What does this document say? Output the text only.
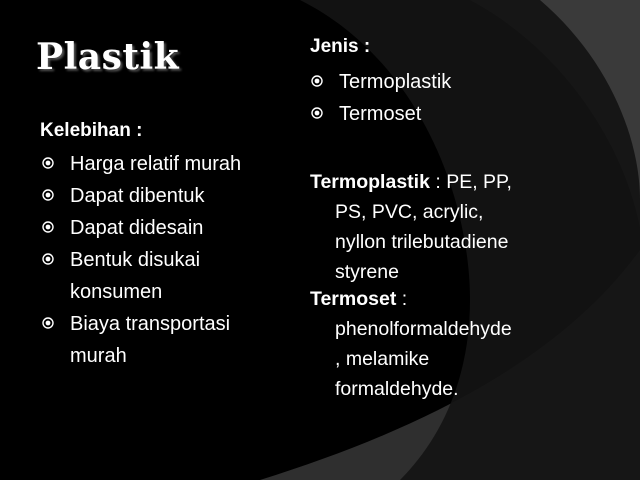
Plastik
Kelebihan :
Harga relatif murah
Dapat dibentuk
Dapat didesain
Bentuk disukai
konsumen
Biaya transportasi
murah
Jenis :
Termoplastik
Termoset
Termoplastik : PE, PP,
PS, PVC, acrylic,
nyllon trilebutadiene
styrene
Termoset :
phenolformaldehyde
, melamike
formaldehyde.
